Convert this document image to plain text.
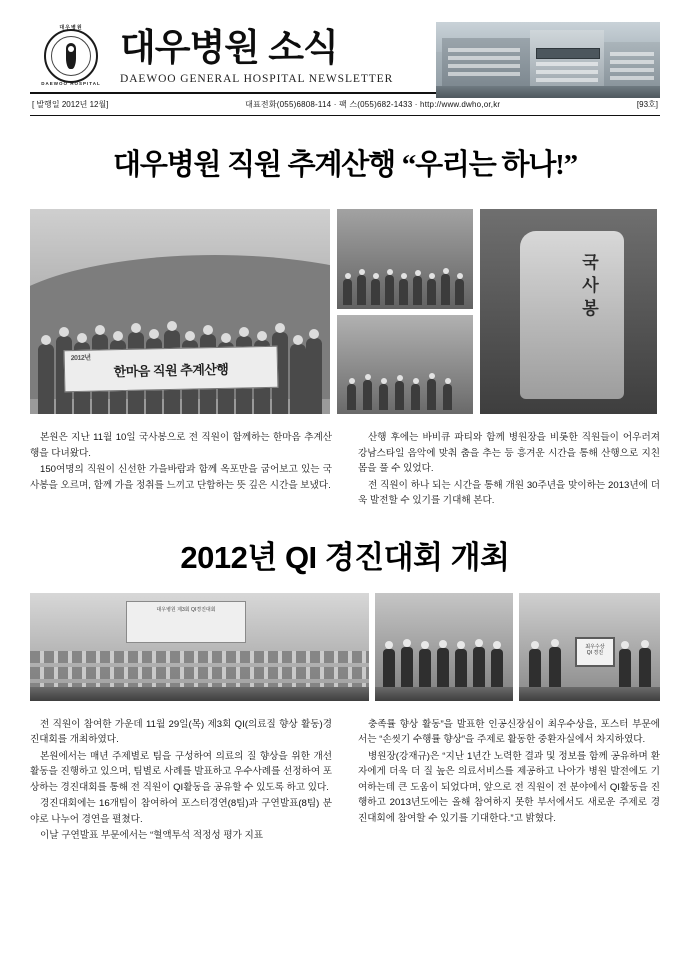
대우병원
DAEWOO HOSPITAL
대우병원 소식
DAEWOO GENERAL HOSPITAL NEWSLETTER
[ 발행일 2012년 12월]	대표전화(055)6808-114 · 팩 스(055)682-1433 · http://www.dwho,or,kr	[93호]
대우병원 직원 추계산행 “우리는 하나!”
2012년
한마음 직원 추계산행
국사봉

본원은 지난 11월 10일 국사봉으로 전 직원이 함께하는 한마음 추계산행을 다녀왔다.

150여명의 직원이 신선한 가을바람과 함께 옥포만을 굽어보고 있는 국사봉을 오르며, 함께 가을 정취를 느끼고 단합하는 뜻 깊은 시간을 보냈다.

산행 후에는 바비큐 파티와 함께 병원장을 비롯한 직원들이 어우러져 강남스타일 음악에 맞춰 춤을 추는 등 흥겨운 시간을 통해 산행으로 지친 몸을 풀 수 있었다.

전 직원이 하나 되는 시간을 통해 개원 30주년을 맞이하는 2013년에 더욱 발전할 수 있기를 기대해 본다.

2012년 QI 경진대회 개최
대우병원 제3회 QI경진대회
최우수상
QI 경진

전 직원이 참여한 가운데 11월 29일(목) 제3회 QI(의료질 향상 활동)경진대회를 개최하였다.

본원에서는 매년 주제별로 팀을 구성하여 의료의 질 향상을 위한 개선활동을 진행하고 있으며, 팀별로 사례를 발표하고 우수사례를 선정하여 포상하는 경진대회를 통해 전 직원이 QI활동을 공유할 수 있도록 하고 있다.

경진대회에는 16개팀이 참여하여 포스터경연(8팀)과 구연발표(8팀) 분야로 나누어 경연을 펼쳤다.

이날 구연발표 부문에서는 “혈액투석 적정성 평가 지표

충족률 향상 활동”을 발표한 인공신장심이 최우수상을, 포스터 부문에서는 “손씻기 수행률 향상”을 주제로 활동한 중환자실에서 차지하였다.

병원장(강재규)은 “지난 1년간 노력한 결과 및 정보를 함께 공유하며 환자에게 더욱 더 질 높은 의료서비스를 제공하고 나아가 병원 발전에도 기여하는데 큰 도움이 되었다며, 앞으로 전 직원이 전 분야에서 QI활동을 진행하고 2013년도에는 올해 참여하지 못한 부서에서도 새로운 주제로 경진대회에 참여할 수 있기를 기대한다.”고 밝혔다.
